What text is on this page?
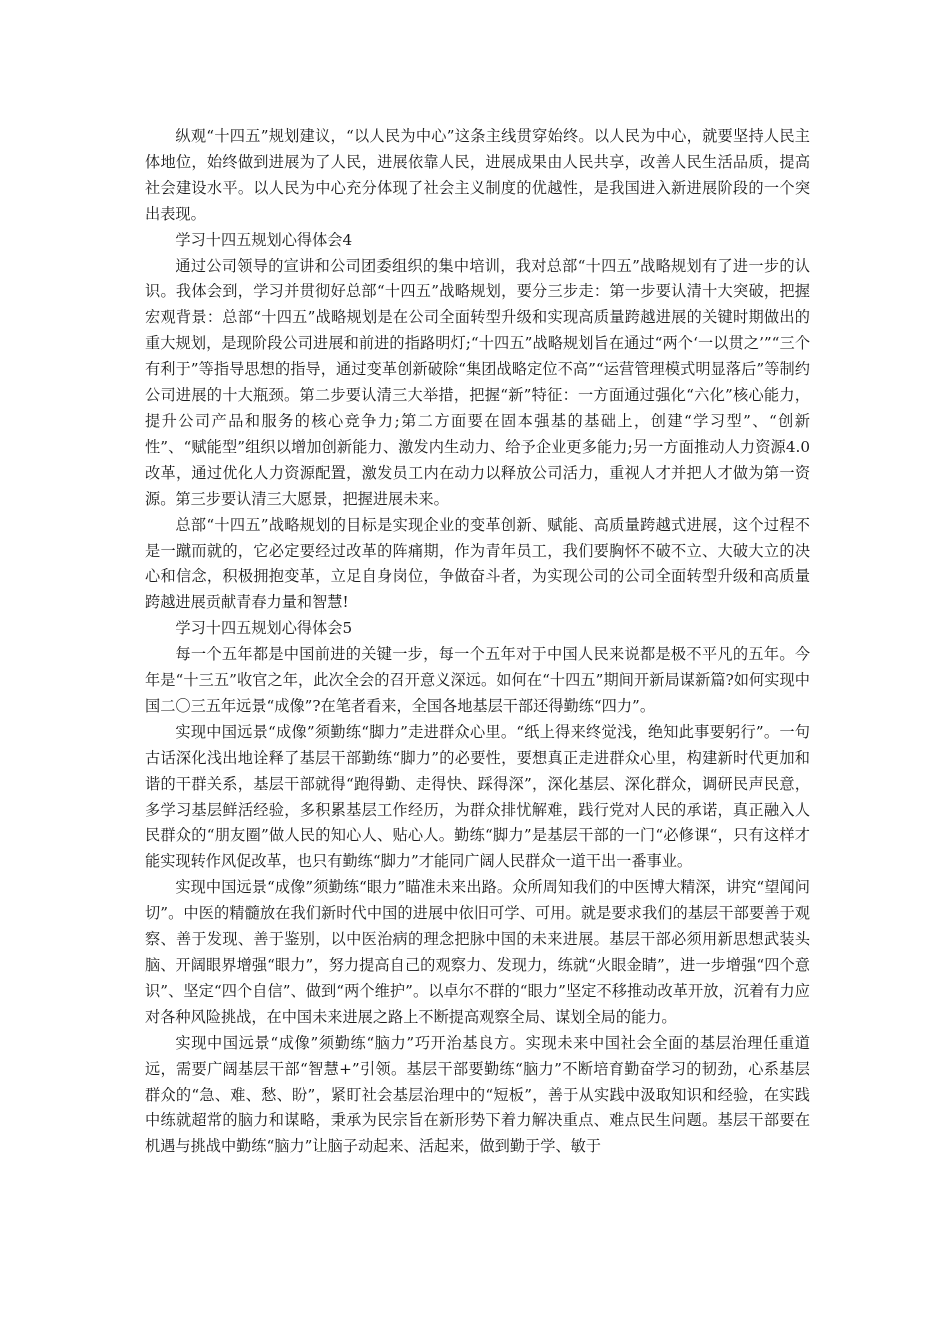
纵观“十四五”规划建议，“以人民为中心”这条主线贯穿始终。以人民为中心，就要坚持人民主体地位，始终做到进展为了人民，进展依靠人民，进展成果由人民共享，改善人民生活品质，提高社会建设水平。以人民为中心充分体现了社会主义制度的优越性，是我国进入新进展阶段的一个突出表现。

学习十四五规划心得体会4

通过公司领导的宣讲和公司团委组织的集中培训，我对总部“十四五”战略规划有了进一步的认识。我体会到，学习并贯彻好总部“十四五”战略规划，要分三步走：第一步要认清十大突破，把握宏观背景：总部“十四五”战略规划是在公司全面转型升级和实现高质量跨越进展的关键时期做出的重大规划，是现阶段公司进展和前进的指路明灯;“十四五”战略规划旨在通过“两个‘一以贯之’”“三个有利于”等指导思想的指导，通过变革创新破除“集团战略定位不高”“运营管理模式明显落后”等制约公司进展的十大瓶颈。第二步要认清三大举措，把握“新”特征：一方面通过强化“六化”核心能力，提升公司产品和服务的核心竞争力;第二方面要在固本强基的基础上，创建“学习型”、“创新性”、“赋能型”组织以增加创新能力、激发内生动力、给予企业更多能力;另一方面推动人力资源4.0改革，通过优化人力资源配置，激发员工内在动力以释放公司活力，重视人才并把人才做为第一资源。第三步要认清三大愿景，把握进展未来。

总部“十四五”战略规划的目标是实现企业的变革创新、赋能、高质量跨越式进展，这个过程不是一蹴而就的，它必定要经过改革的阵痛期，作为青年员工，我们要胸怀不破不立、大破大立的决心和信念，积极拥抱变革，立足自身岗位，争做奋斗者，为实现公司的公司全面转型升级和高质量跨越进展贡献青春力量和智慧!

学习十四五规划心得体会5

每一个五年都是中国前进的关键一步，每一个五年对于中国人民来说都是极不平凡的五年。今年是“十三五”收官之年，此次全会的召开意义深远。如何在“十四五”期间开新局谋新篇?如何实现中国二〇三五年远景“成像”?在笔者看来，全国各地基层干部还得勤练“四力”。

实现中国远景“成像”须勤练“脚力”走进群众心里。“纸上得来终觉浅，绝知此事要躬行”。一句古话深化浅出地诠释了基层干部勤练“脚力”的必要性，要想真正走进群众心里，构建新时代更加和谐的干群关系，基层干部就得“跑得勤、走得快、踩得深”，深化基层、深化群众，调研民声民意，多学习基层鲜活经验，多积累基层工作经历，为群众排忧解难，践行党对人民的承诺，真正融入人民群众的“朋友圈”做人民的知心人、贴心人。勤练“脚力”是基层干部的一门“必修课“，只有这样才能实现转作风促改革，也只有勤练“脚力”才能同广阔人民群众一道干出一番事业。

实现中国远景“成像”须勤练“眼力”瞄准未来出路。众所周知我们的中医博大精深，讲究“望闻问切”。中医的精髓放在我们新时代中国的进展中依旧可学、可用。就是要求我们的基层干部要善于观察、善于发现、善于鉴别，以中医治病的理念把脉中国的未来进展。基层干部必须用新思想武装头脑、开阔眼界增强“眼力”，努力提高自己的观察力、发现力，练就“火眼金睛”，进一步增强“四个意识”、坚定“四个自信”、做到“两个维护”。以卓尔不群的“眼力”坚定不移推动改革开放，沉着有力应对各种风险挑战，在中国未来进展之路上不断提高观察全局、谋划全局的能力。

实现中国远景“成像”须勤练“脑力”巧开治基良方。实现未来中国社会全面的基层治理任重道远，需要广阔基层干部“智慧+”引领。基层干部要勤练“脑力”不断培育勤奋学习的韧劲，心系基层群众的“急、难、愁、盼”，紧盯社会基层治理中的“短板”，善于从实践中汲取知识和经验，在实践中练就超常的脑力和谋略，秉承为民宗旨在新形势下着力解决重点、难点民生问题。基层干部要在机遇与挑战中勤练“脑力”让脑子动起来、活起来，做到勤于学、敏于
